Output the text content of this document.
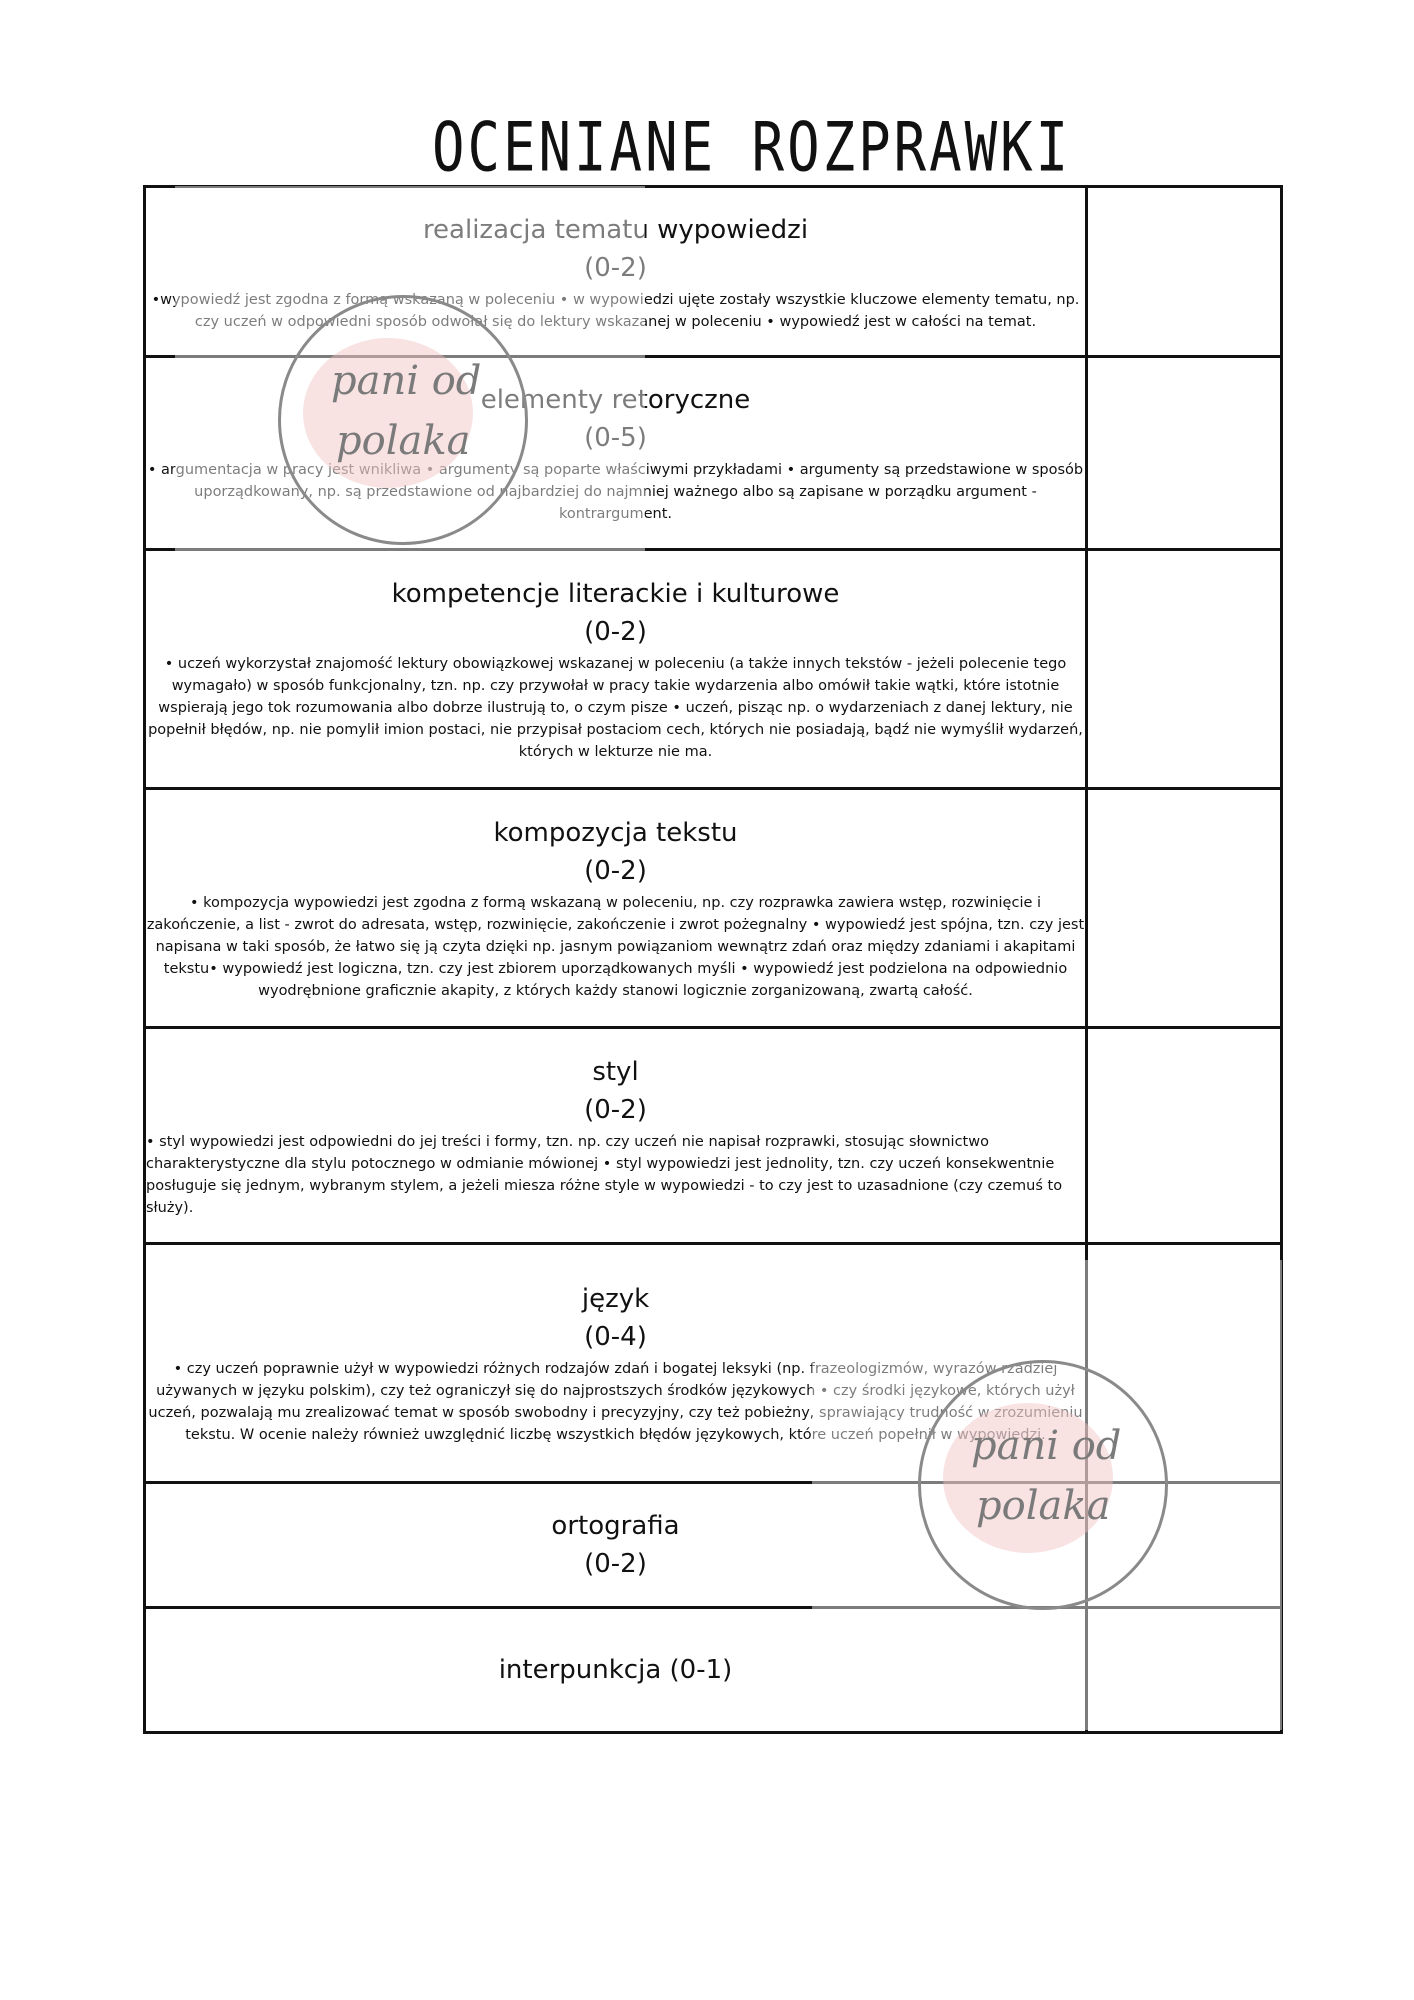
OCENIANE ROZPRAWKI

realizacja tematu wypowiedzi

(0-2)

•wypowiedź jest zgodna z formą wskazaną w poleceniu • w wypowiedzi ujęte zostały wszystkie kluczowe elementy tematu, np. czy uczeń w odpowiedni sposób odwołał się do lektury wskazanej w poleceniu • wypowiedź jest w całości na temat.	

elementy retoryczne

(0-5)

• argumentacja w pracy jest wnikliwa • argumenty są poparte właściwymi przykładami • argumenty są przedstawione w sposób uporządkowany, np. są przedstawione od najbardziej do najmniej ważnego albo są zapisane w porządku argument - kontrargument.	

kompetencje literackie i kulturowe

(0-2)

• uczeń wykorzystał znajomość lektury obowiązkowej wskazanej w poleceniu (a także innych tekstów - jeżeli polecenie tego wymagało) w sposób funkcjonalny, tzn. np. czy przywołał w pracy takie wydarzenia albo omówił takie wątki, które istotnie wspierają jego tok rozumowania albo dobrze ilustrują to, o czym pisze • uczeń, pisząc np. o wydarzeniach z danej lektury, nie popełnił błędów, np. nie pomylił imion postaci, nie przypisał postaciom cech, których nie posiadają, bądź nie wymyślił wydarzeń, których w lekturze nie ma.	

kompozycja tekstu

(0-2)

• kompozycja wypowiedzi jest zgodna z formą wskazaną w poleceniu, np. czy rozprawka zawiera wstęp, rozwinięcie i zakończenie, a list - zwrot do adresata, wstęp, rozwinięcie, zakończenie i zwrot pożegnalny • wypowiedź jest spójna, tzn. czy jest napisana w taki sposób, że łatwo się ją czyta dzięki np. jasnym powiązaniom wewnątrz zdań oraz między zdaniami i akapitami tekstu• wypowiedź jest logiczna, tzn. czy jest zbiorem uporządkowanych myśli • wypowiedź jest podzielona na odpowiednio wyodrębnione graficznie akapity, z których każdy stanowi logicznie zorganizowaną, zwartą całość.	

styl

(0-2)

• styl wypowiedzi jest odpowiedni do jej treści i formy, tzn. np. czy uczeń nie napisał rozprawki, stosując słownictwo charakterystyczne dla stylu potocznego w odmianie mówionej • styl wypowiedzi jest jednolity, tzn. czy uczeń konsekwentnie posługuje się jednym, wybranym stylem, a jeżeli miesza różne style w wypowiedzi - to czy jest to uzasadnione (czy czemuś to służy).	

język

(0-4)

• czy uczeń poprawnie użył w wypowiedzi różnych rodzajów zdań i bogatej leksyki (np. frazeologizmów, wyrazów rzadziej używanych w języku polskim), czy też ograniczył się do najprostszych środków językowych • czy środki językowe, których użył uczeń, pozwalają mu zrealizować temat w sposób swobodny i precyzyjny, czy też pobieżny, sprawiający trudność w zrozumieniu tekstu. W ocenie należy również uwzględnić liczbę wszystkich błędów językowych, które uczeń popełnił w wypowiedzi.	

ortografia

(0-2)	

interpunkcja (0-1)	

pani od
polaka
pani od
polaka
